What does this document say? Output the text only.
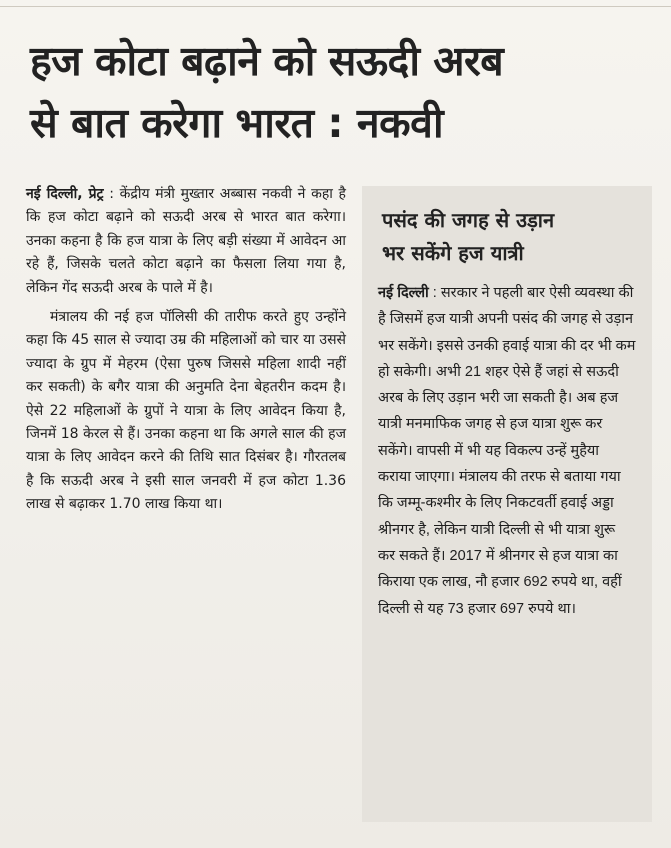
हज कोटा बढ़ाने को सऊदी अरब
से बात करेगा भारत : नकवी

नई दिल्ली, प्रेट्र : केंद्रीय मंत्री मुख्तार अब्बास नकवी ने कहा है कि हज कोटा बढ़ाने को सऊदी अरब से भारत बात करेगा। उनका कहना है कि हज यात्रा के लिए बड़ी संख्या में आवेदन आ रहे हैं, जिसके चलते कोटा बढ़ाने का फैसला लिया गया है, लेकिन गेंद सऊदी अरब के पाले में है।

मंत्रालय की नई हज पॉलिसी की तारीफ करते हुए उन्होंने कहा कि 45 साल से ज्यादा उम्र की महिलाओं को चार या उससे ज्यादा के ग्रुप में मेहरम (ऐसा पुरुष जिससे महिला शादी नहीं कर सकती) के बगैर यात्रा की अनुमति देना बेहतरीन कदम है। ऐसे 22 महिलाओं के ग्रुपों ने यात्रा के लिए आवेदन किया है, जिनमें 18 केरल से हैं। उनका कहना था कि अगले साल की हज यात्रा के लिए आवेदन करने की तिथि सात दिसंबर है। गौरतलब है कि सऊदी अरब ने इसी साल जनवरी में हज कोटा 1.36 लाख से बढ़ाकर 1.70 लाख किया था।

पसंद की जगह से उड़ान
भर सकेंगे हज यात्री

नई दिल्ली : सरकार ने पहली बार ऐसी व्यवस्था की है जिसमें हज यात्री अपनी पसंद की जगह से उड़ान भर सकेंगे। इससे उनकी हवाई यात्रा की दर भी कम हो सकेगी। अभी 21 शहर ऐसे हैं जहां से सऊदी अरब के लिए उड़ान भरी जा सकती है। अब हज यात्री मनमाफिक जगह से हज यात्रा शुरू कर सकेंगे। वापसी में भी यह विकल्प उन्हें मुहैया कराया जाएगा। मंत्रालय की तरफ से बताया गया कि जम्मू-कश्मीर के लिए निकटवर्ती हवाई अड्डा श्रीनगर है, लेकिन यात्री दिल्ली से भी यात्रा शुरू कर सकते हैं। 2017 में श्रीनगर से हज यात्रा का किराया एक लाख, नौ हजार 692 रुपये था, वहीं दिल्ली से यह 73 हजार 697 रुपये था।
